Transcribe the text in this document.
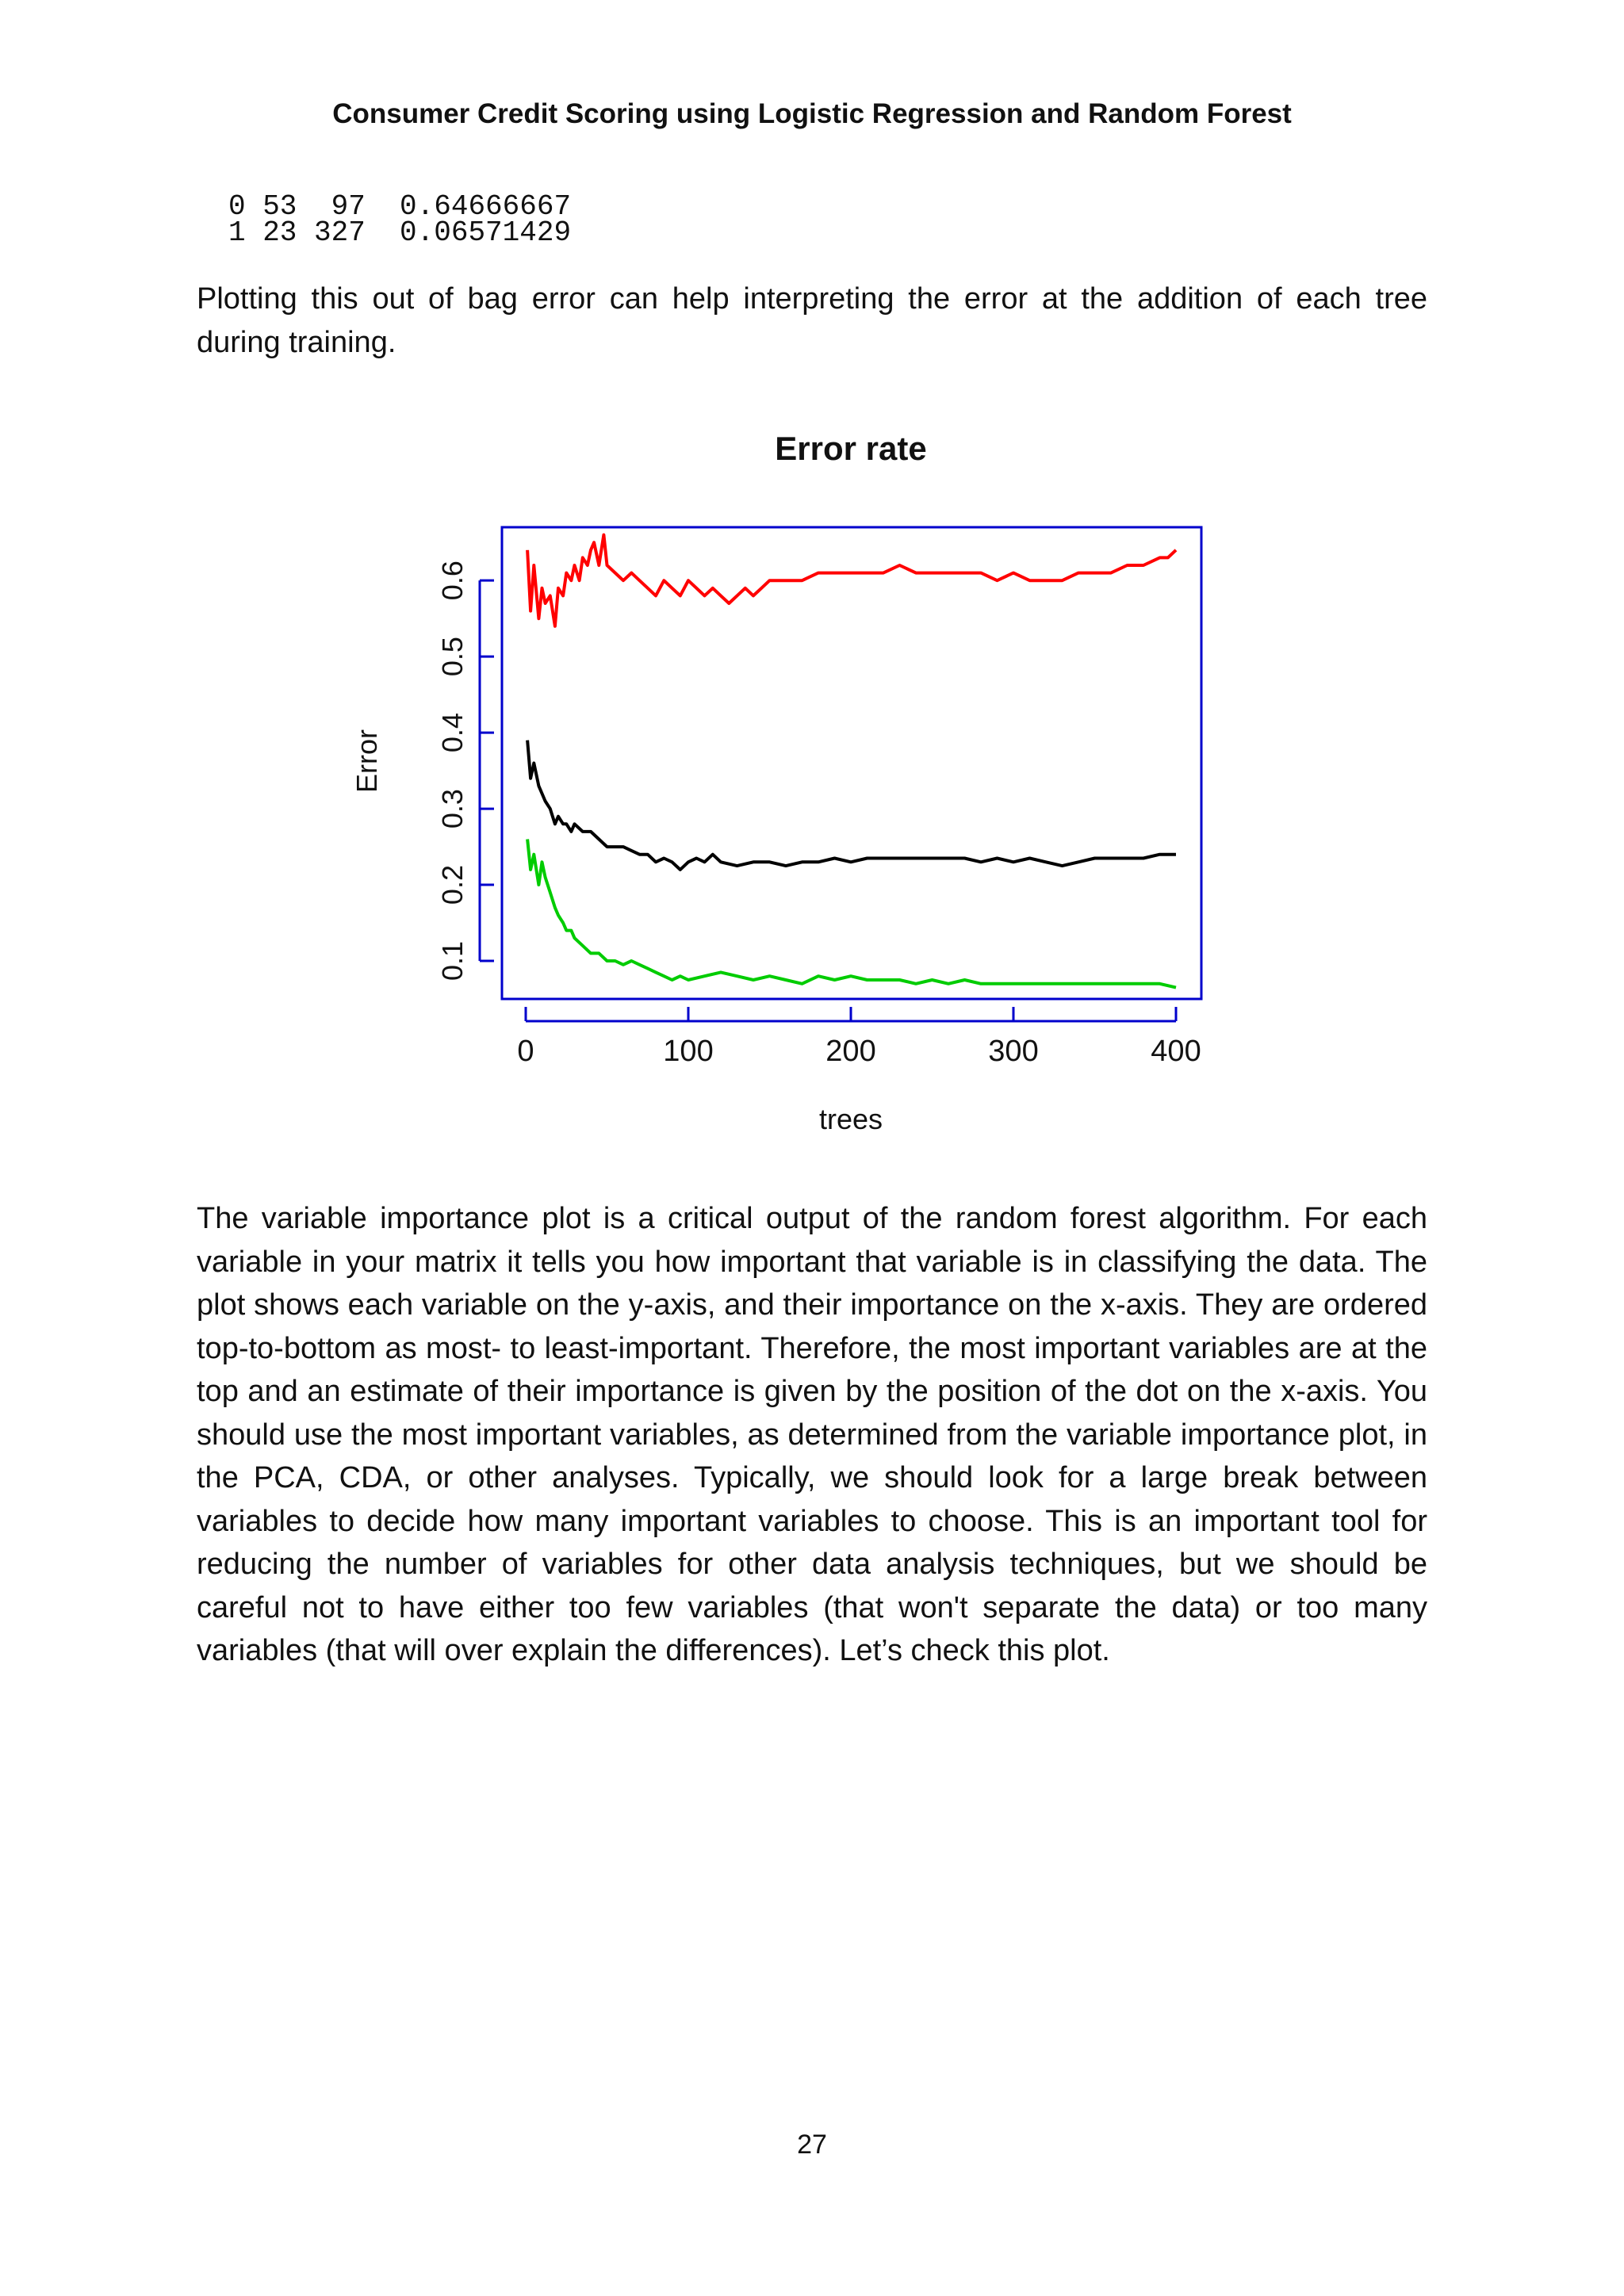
Consumer Credit Scoring using Logistic Regression and Random Forest
0 53  97  0.64666667
1 23 327  0.06571429

Plotting this out of bag error can help interpreting the error at the addition of each tree during training.

Error rate
trees
Error
0	100	200	300	400
0.1
0.2
0.3
0.4
0.5
0.6

The variable importance plot is a critical output of the random forest algorithm. For each variable in your matrix it tells you how important that variable is in classifying the data. The plot shows each variable on the y-axis, and their importance on the x-axis. They are ordered top-to-bottom as most- to least-important. Therefore, the most important variables are at the top and an estimate of their importance is given by the position of the dot on the x-axis. You should use the most important variables, as determined from the variable importance plot, in the PCA, CDA, or other analyses. Typically, we should look for a large break between variables to decide how many important variables to choose. This is an important tool for reducing the number of variables for other data analysis techniques, but we should be careful not to have either too few variables (that won't separate the data) or too many variables (that will over explain the differences). Let’s check this plot.

27
